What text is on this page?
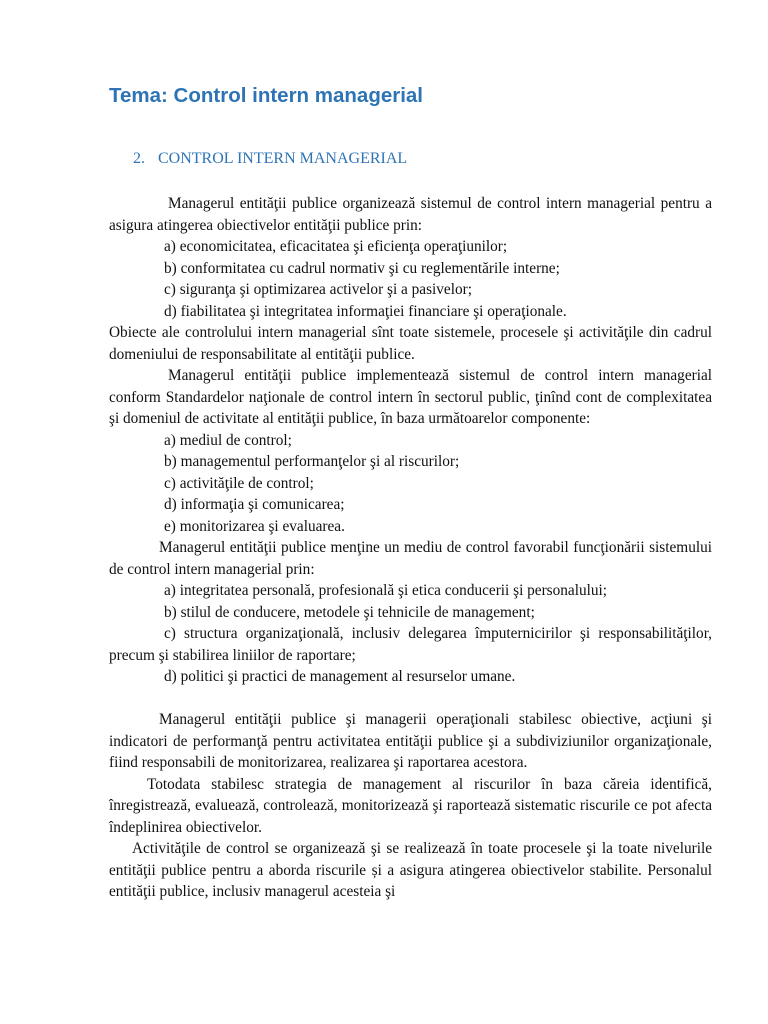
Tema: Control intern managerial
2. CONTROL INTERN MANAGERIAL

Managerul entităţii publice organizează sistemul de control intern managerial pentru a asigura atingerea obiectivelor entităţii publice prin:

a) economicitatea, eficacitatea şi eficienţa operaţiunilor;

b) conformitatea cu cadrul normativ şi cu reglementările interne;

c) siguranţa şi optimizarea activelor şi a pasivelor;

d) fiabilitatea şi integritatea informaţiei financiare şi operaţionale.

Obiecte ale controlului intern managerial sînt toate sistemele, procesele şi activităţile din cadrul domeniului de responsabilitate al entităţii publice.

Managerul entităţii publice implementează sistemul de control intern managerial conform Standardelor naţionale de control intern în sectorul public, ţinînd cont de complexitatea şi domeniul de activitate al entităţii publice, în baza următoarelor componente:

a) mediul de control;

b) managementul performanţelor şi al riscurilor;

c) activităţile de control;

d) informaţia şi comunicarea;

e) monitorizarea şi evaluarea.

Managerul entităţii publice menţine un mediu de control favorabil funcţionării sistemului de control intern managerial prin:

a) integritatea personală, profesională şi etica conducerii şi personalului;

b) stilul de conducere, metodele şi tehnicile de management;

c) structura organizaţională, inclusiv delegarea împuternicirilor şi responsabilităţilor, precum şi stabilirea liniilor de raportare;

d) politici şi practici de management al resurselor umane.

Managerul entităţii publice şi managerii operaţionali stabilesc obiective, acţiuni şi indicatori de performanţă pentru activitatea entităţii publice şi a subdiviziunilor organizaţionale, fiind responsabili de monitorizarea, realizarea şi raportarea acestora.

Totodata stabilesc strategia de management al riscurilor în baza căreia identifică, înregistrează, evaluează, controlează, monitorizează şi raportează sistematic riscurile ce pot afecta îndeplinirea obiectivelor.

Activităţile de control se organizează şi se realizează în toate procesele şi la toate nivelurile entităţii publice pentru a aborda riscurile și a asigura atingerea obiectivelor stabilite. Personalul entităţii publice, inclusiv managerul acesteia şi
